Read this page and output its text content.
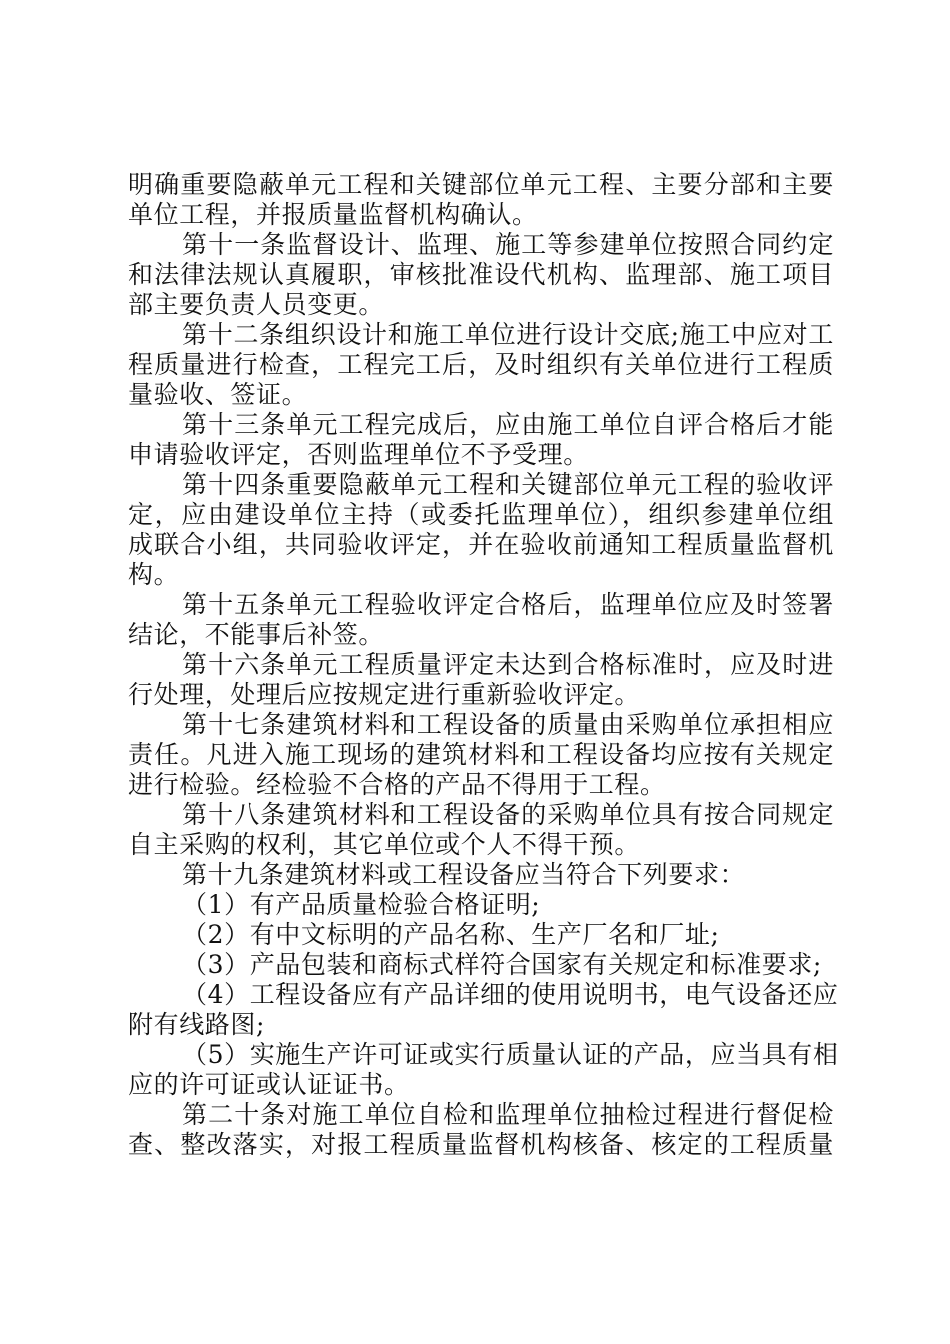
明确重要隐蔽单元工程和关键部位单元工程、主要分部和主要
单位工程，并报质量监督机构确认。
第十一条监督设计、监理、施工等参建单位按照合同约定
和法律法规认真履职，审核批准设代机构、监理部、施工项目
部主要负责人员变更。
第十二条组织设计和施工单位进行设计交底;施工中应对工
程质量进行检查，工程完工后，及时组织有关单位进行工程质
量验收、签证。
第十三条单元工程完成后，应由施工单位自评合格后才能
申请验收评定，否则监理单位不予受理。
第十四条重要隐蔽单元工程和关键部位单元工程的验收评
定，应由建设单位主持（或委托监理单位），组织参建单位组
成联合小组，共同验收评定，并在验收前通知工程质量监督机
构。
第十五条单元工程验收评定合格后，监理单位应及时签署
结论，不能事后补签。
第十六条单元工程质量评定未达到合格标准时，应及时进
行处理，处理后应按规定进行重新验收评定。
第十七条建筑材料和工程设备的质量由采购单位承担相应
责任。凡进入施工现场的建筑材料和工程设备均应按有关规定
进行检验。经检验不合格的产品不得用于工程。
第十八条建筑材料和工程设备的采购单位具有按合同规定
自主采购的权利，其它单位或个人不得干预。
第十九条建筑材料或工程设备应当符合下列要求：
（1）有产品质量检验合格证明;
（2）有中文标明的产品名称、生产厂名和厂址;
（3）产品包装和商标式样符合国家有关规定和标准要求;
（4）工程设备应有产品详细的使用说明书，电气设备还应
附有线路图;
（5）实施生产许可证或实行质量认证的产品，应当具有相
应的许可证或认证证书。
第二十条对施工单位自检和监理单位抽检过程进行督促检
查、整改落实，对报工程质量监督机构核备、核定的工程质量
